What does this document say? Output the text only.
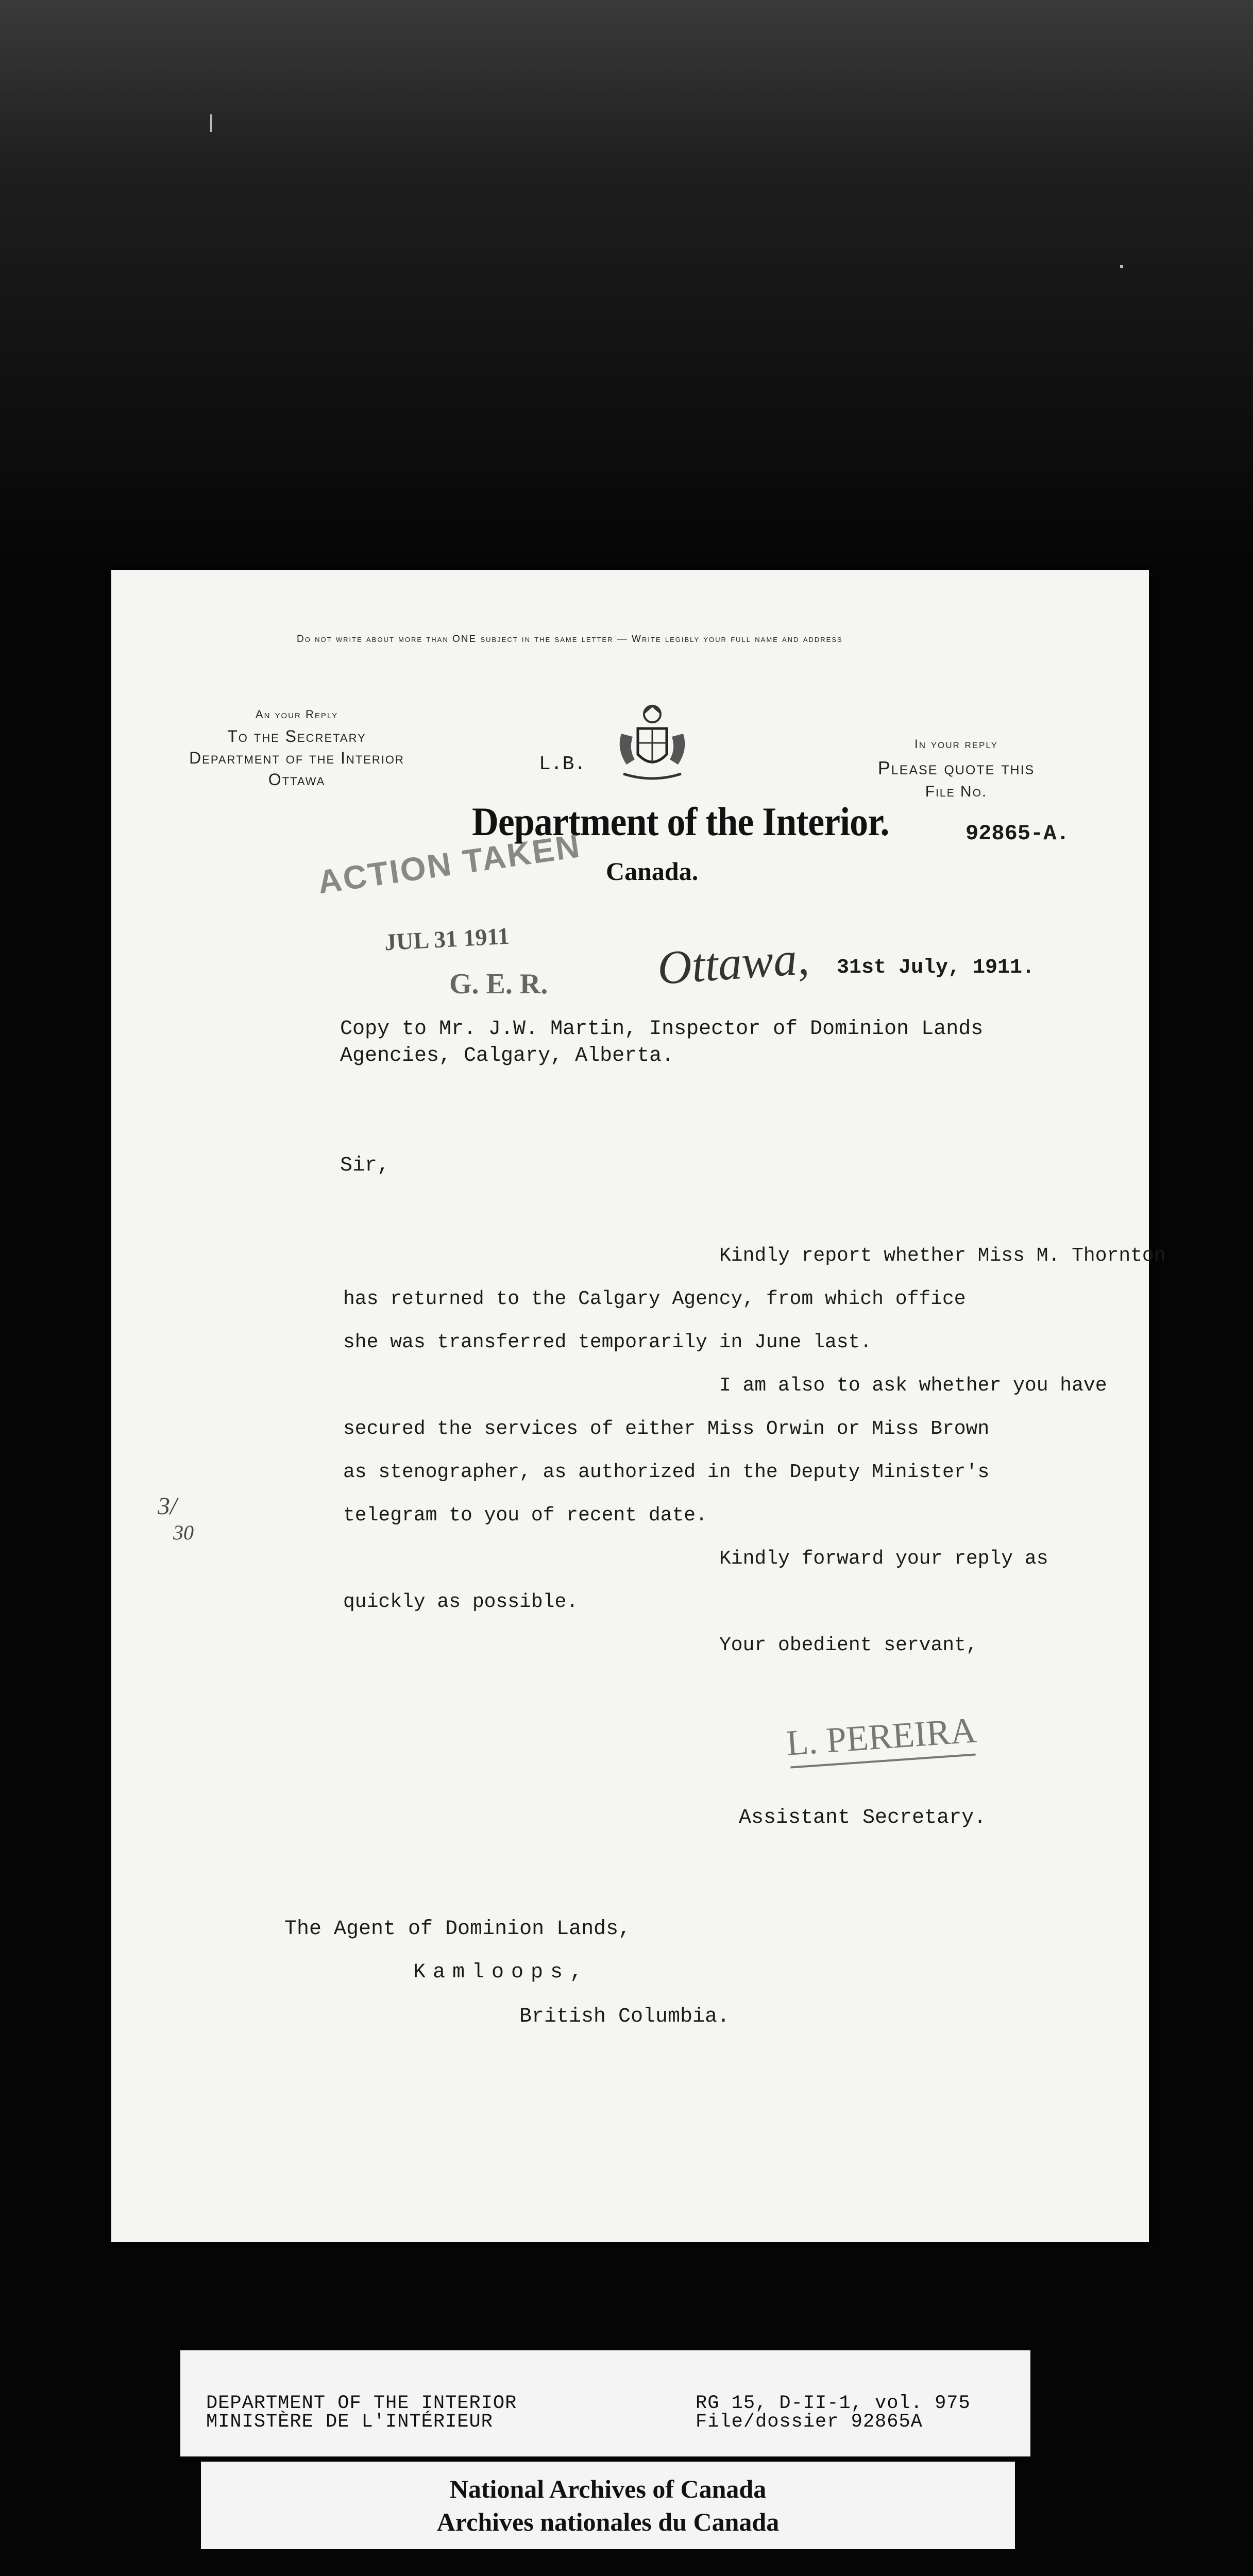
Do not write about more than ONE subject in the same letter — Write legibly your full name and address
An your Reply
To the Secretary
Department of the Interior
Ottawa
L.B.
Department of the Interior.
Canada.
In your reply
Please quote this
File No.
92865-A.
ACTION TAKEN
JUL 31 1911
G. E. R. Ottawa, 31st July, 1911.
Copy to Mr. J.W. Martin, Inspector of Dominion Lands
Agencies, Calgary, Alberta.
Sir,
Kindly report whether Miss M. Thornton
has returned to the Calgary Agency, from which office
she was transferred temporarily in June last.
I am also to ask whether you have
secured the services of either Miss Orwin or Miss Brown
as stenographer, as authorized in the Deputy Minister's
telegram to you of recent date.
Kindly forward your reply as
quickly as possible.
Your obedient servant,
3/
30
L. PEREIRA
Assistant Secretary.
The Agent of Dominion Lands,
Kamloops,
British Columbia.
DEPARTMENT OF THE INTERIOR
MINISTÈRE DE L'INTÉRIEUR
RG 15, D-II-1, vol. 975
File/dossier 92865A
National Archives of Canada
Archives nationales du Canada
